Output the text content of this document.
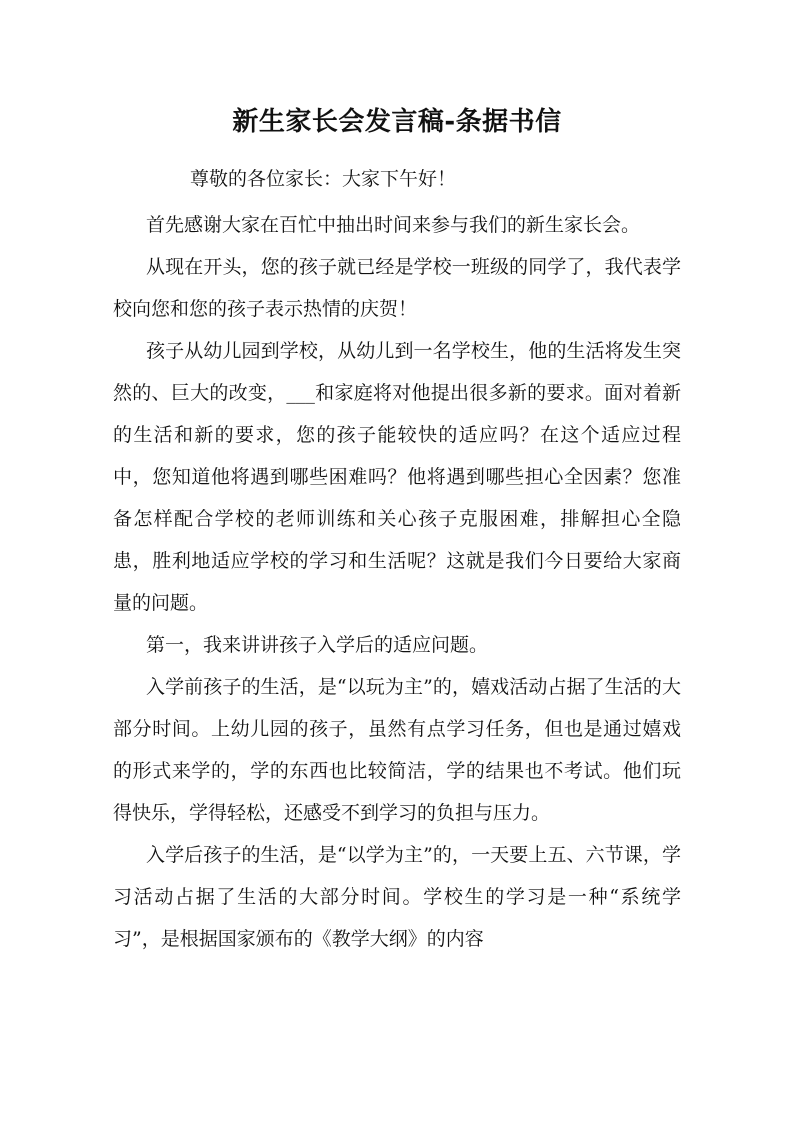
新生家长会发言稿-条据书信

尊敬的各位家长：大家下午好！

首先感谢大家在百忙中抽出时间来参与我们的新生家长会。

从现在开头，您的孩子就已经是学校一班级的同学了，我代表学校向您和您的孩子表示热情的庆贺！

孩子从幼儿园到学校，从幼儿到一名学校生，他的生活将发生突然的、巨大的改变，___和家庭将对他提出很多新的要求。面对着新的生活和新的要求，您的孩子能较快的适应吗？在这个适应过程中，您知道他将遇到哪些困难吗？他将遇到哪些担心全因素？您准备怎样配合学校的老师训练和关心孩子克服困难，排解担心全隐患，胜利地适应学校的学习和生活呢？这就是我们今日要给大家商量的问题。

第一，我来讲讲孩子入学后的适应问题。

入学前孩子的生活，是“以玩为主”的，嬉戏活动占据了生活的大部分时间。上幼儿园的孩子，虽然有点学习任务，但也是通过嬉戏的形式来学的，学的东西也比较简洁，学的结果也不考试。他们玩得快乐，学得轻松，还感受不到学习的负担与压力。

入学后孩子的生活，是“以学为主”的，一天要上五、六节课，学习活动占据了生活的大部分时间。学校生的学习是一种“系统学习”，是根据国家颁布的《教学大纲》的内容
